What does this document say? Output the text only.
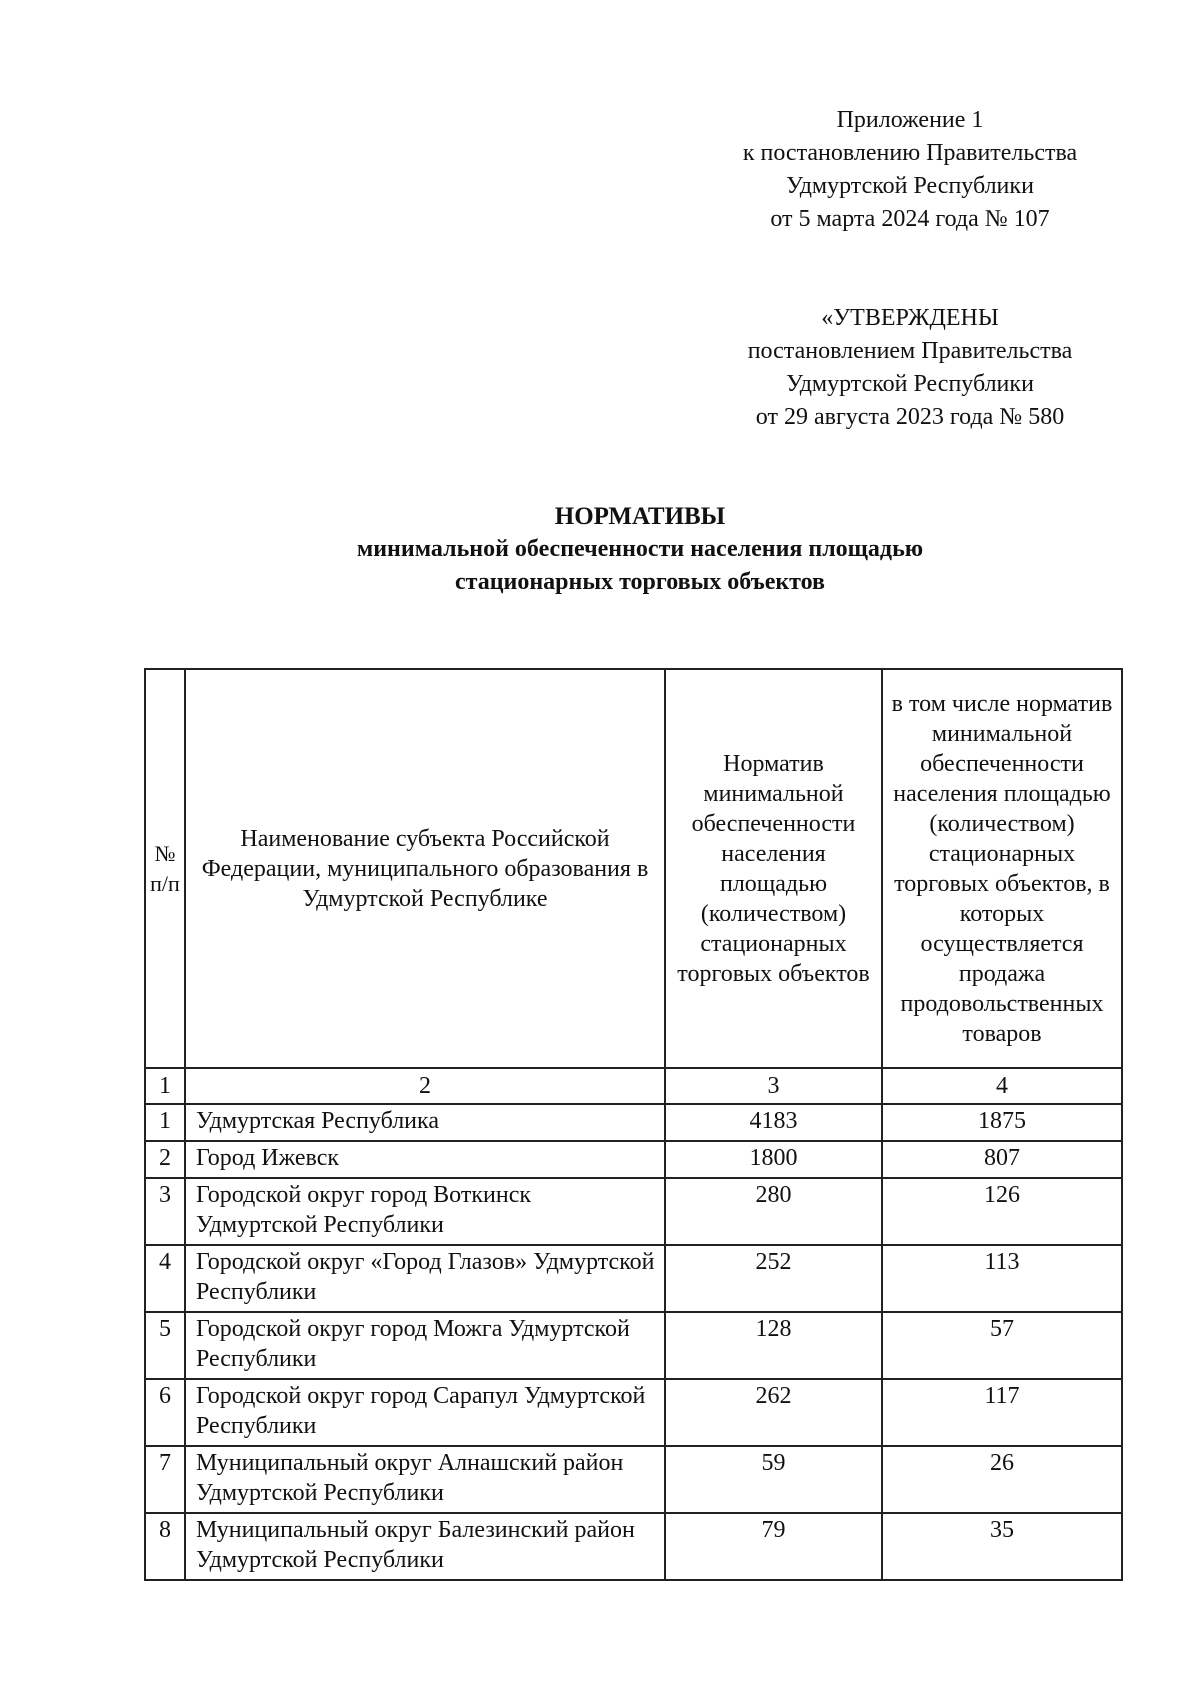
Приложение 1
к постановлению Правительства
Удмуртской Республики
от 5 марта 2024 года № 107
«УТВЕРЖДЕНЫ
постановлением Правительства
Удмуртской Республики
от 29 августа 2023 года № 580
НОРМАТИВЫ
минимальной обеспеченности населения площадью
стационарных торговых объектов
№ п/п	Наименование субъекта Российской Федерации, муниципального образования в Удмуртской Республике	Норматив минимальной обеспеченности населения площадью (количеством) стационарных торговых объектов	в том числе норматив минимальной обеспеченности населения площадью (количеством) стационарных торговых объектов, в которых осуществляется продажа продовольственных товаров
1	2	3	4
1	Удмуртская Республика	4183	1875
2	Город Ижевск	1800	807
3	Городской округ город Воткинск Удмуртской Республики	280	126
4	Городской округ «Город Глазов» Удмуртской Республики	252	113
5	Городской округ город Можга Удмуртской Республики	128	57
6	Городской округ город Сарапул Удмуртской Республики	262	117
7	Муниципальный округ Алнашский район Удмуртской Республики	59	26
8	Муниципальный округ Балезинский район Удмуртской Республики	79	35
